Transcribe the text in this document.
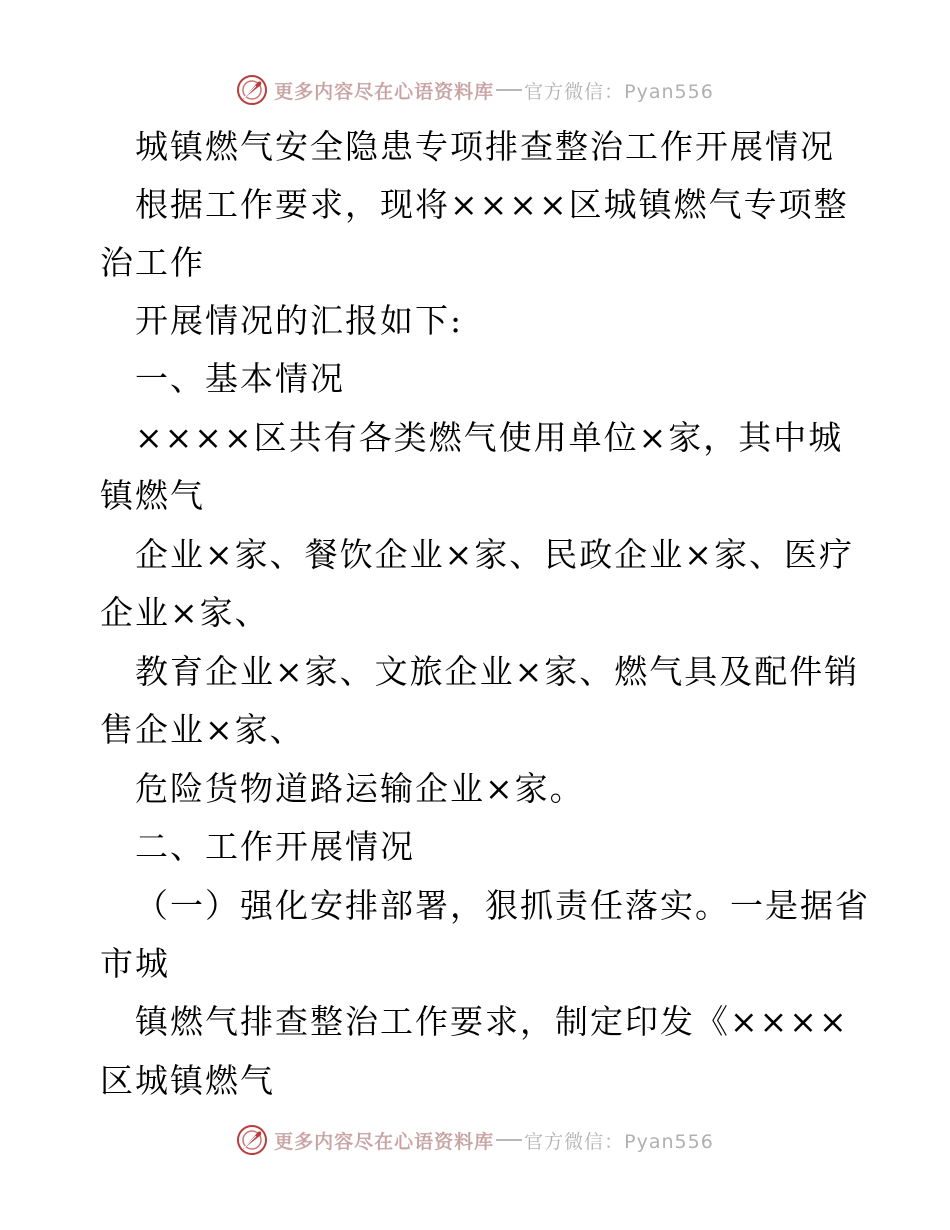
更多内容尽在心语资料库 官方微信：Pyan556
城镇燃气安全隐患专项排查整治工作开展情况
根据工作要求，现将××××区城镇燃气专项整
治工作
开展情况的汇报如下:
一、基本情况
××××区共有各类燃气使用单位×家，其中城
镇燃气
企业×家、餐饮企业×家、民政企业×家、医疗
企业×家、
教育企业×家、文旅企业×家、燃气具及配件销
售企业×家、
危险货物道路运输企业×家。
二、工作开展情况
（一）强化安排部署，狠抓责任落实。一是据省
市城
镇燃气排查整治工作要求，制定印发《××××
区城镇燃气
更多内容尽在心语资料库 官方微信：Pyan556
